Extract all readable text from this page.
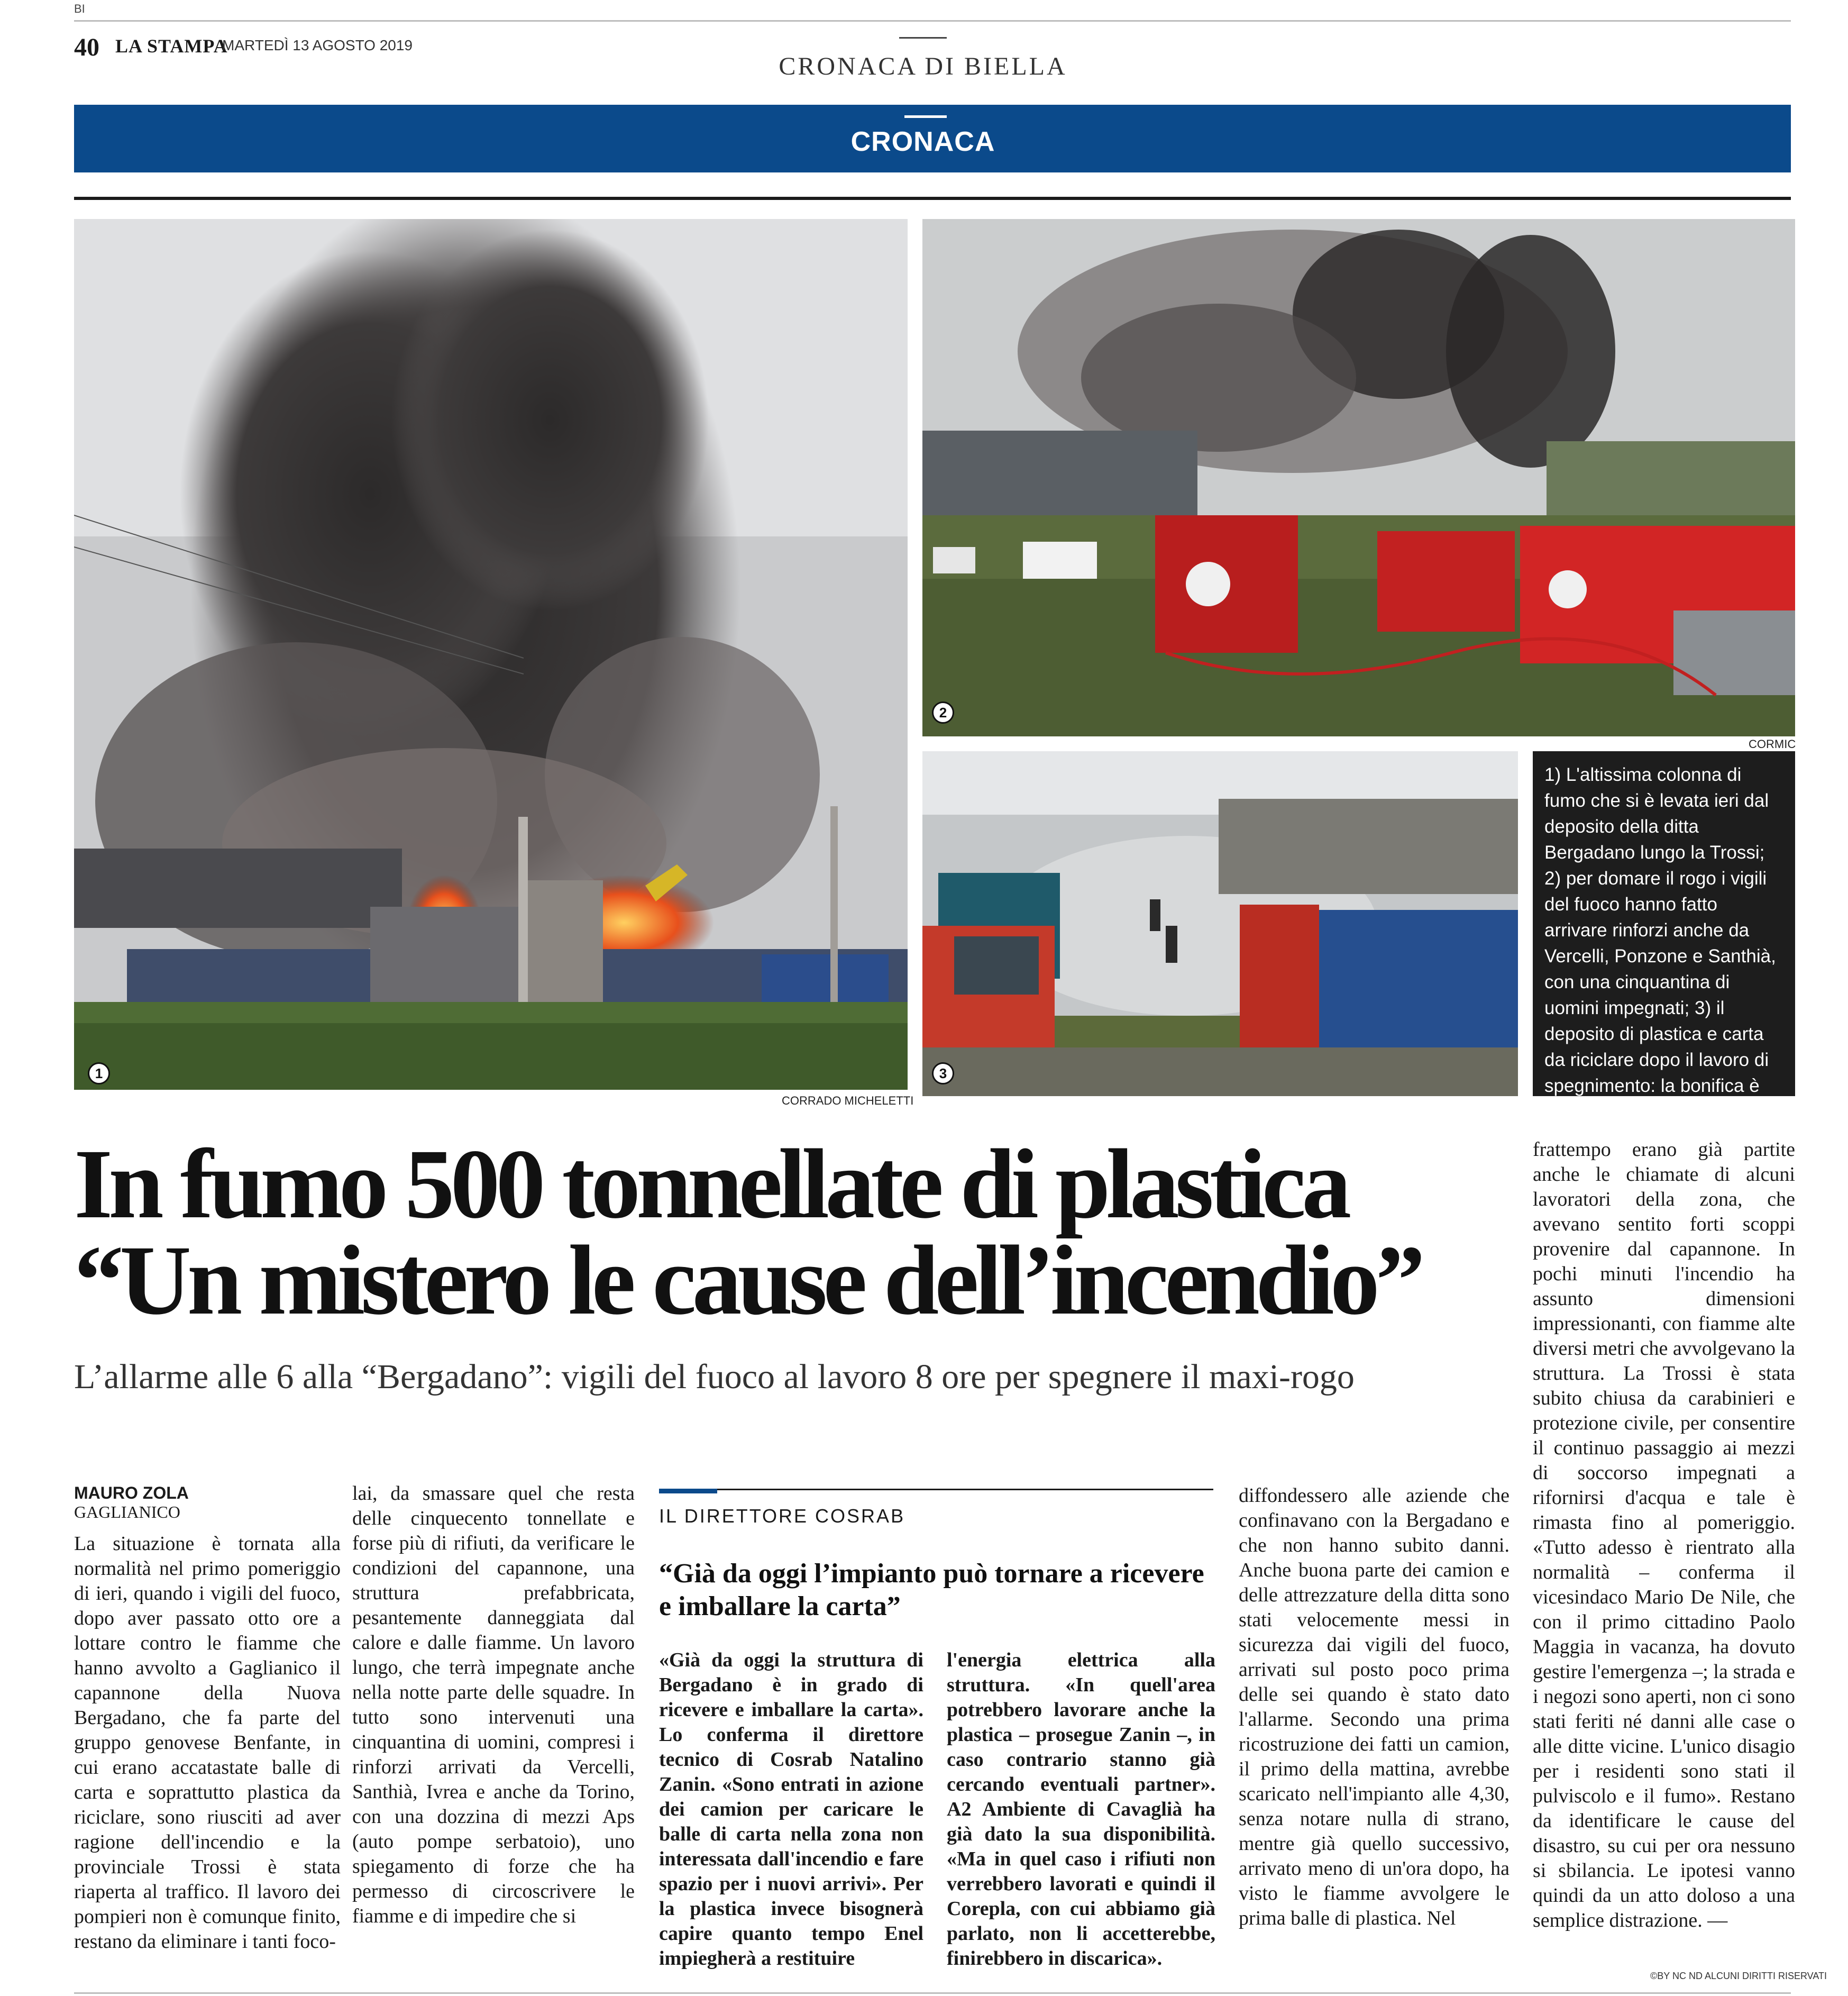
BI
40 LA STAMPA
MARTEDÌ 13 AGOSTO 2019
CRONACA DI BIELLA
CRONACA
1
CORRADO MICHELETTI
2
CORMIC
3
1) L'altissima colonna di fumo che si è levata ieri dal deposito della ditta Bergadano lungo la Trossi; 2) per domare il rogo i vigili del fuoco hanno fatto arrivare rinforzi anche da Vercelli, Ponzone e Santhià, con una cinquantina di uomini impegnati; 3) il deposito di plastica e carta da riciclare dopo il lavoro di spegnimento: la bonifica è proseguita per tutta la notte
In fumo 500 tonnellate di plastica
“Un mistero le cause dell’incendio”
L’allarme alle 6 alla “Bergadano”: vigili del fuoco al lavoro 8 ore per spegnere il maxi-rogo
MAURO ZOLA
GAGLIANICO
La situazione è tornata alla normalità nel primo pomeriggio di ieri, quando i vigili del fuoco, dopo aver passato otto ore a lottare contro le fiamme che hanno avvolto a Gaglianico il capannone della Nuova Bergadano, che fa parte del gruppo genovese Benfante, in cui erano accatastate balle di carta e soprattutto plastica da riciclare, sono riusciti ad aver ragione dell'incendio e la provinciale Trossi è stata riaperta al traffico. Il lavoro dei pompieri non è comunque finito, restano da eliminare i tanti foco-
lai, da smassare quel che resta delle cinquecento tonnellate e forse più di rifiuti, da verificare le condizioni del capannone, una struttura prefabbricata, pesantemente danneggiata dal calore e dalle fiamme. Un lavoro lungo, che terrà impegnate anche nella notte parte delle squadre. In tutto sono intervenuti una cinquantina di uomini, compresi i rinforzi arrivati da Vercelli, Santhià, Ivrea e anche da Torino, con una dozzina di mezzi Aps (auto pompe serbatoio), uno spiegamento di forze che ha permesso di circoscrivere le fiamme e di impedire che si
IL DIRETTORE COSRAB
“Già da oggi l’impianto può tornare a ricevere e imballare la carta”
«Già da oggi la struttura di Bergadano è in grado di ricevere e imballare la carta». Lo conferma il direttore tecnico di Cosrab Natalino Zanin. «Sono entrati in azione dei camion per caricare le balle di carta nella zona non interessata dall'incendio e fare spazio per i nuovi arrivi». Per la plastica invece bisognerà capire quanto tempo Enel impiegherà a restituire
l'energia elettrica alla struttura. «In quell'area potrebbero lavorare anche la plastica – prosegue Zanin –, in caso contrario stanno già cercando eventuali partner». A2 Ambiente di Cavaglià ha già dato la sua disponibilità. «Ma in quel caso i rifiuti non verrebbero lavorati e quindi il Corepla, con cui abbiamo già parlato, non li accetterebbe, finirebbero in discarica».
diffondessero alle aziende che confinavano con la Bergadano e che non hanno subito danni. Anche buona parte dei camion e delle attrezzature della ditta sono stati velocemente messi in sicurezza dai vigili del fuoco, arrivati sul posto poco prima delle sei quando è stato dato l'allarme. Secondo una prima ricostruzione dei fatti un camion, il primo della mattina, avrebbe scaricato nell'impianto alle 4,30, senza notare nulla di strano, mentre già quello successivo, arrivato meno di un'ora dopo, ha visto le fiamme avvolgere le prima balle di plastica. Nel
frattempo erano già partite anche le chiamate di alcuni lavoratori della zona, che avevano sentito forti scoppi provenire dal capannone. In pochi minuti l'incendio ha assunto dimensioni impressionanti, con fiamme alte diversi metri che avvolgevano la struttura. La Trossi è stata subito chiusa da carabinieri e protezione civile, per consentire il continuo passaggio ai mezzi di soccorso impegnati a rifornirsi d'acqua e tale è rimasta fino al pomeriggio. «Tutto adesso è rientrato alla normalità – conferma il vicesindaco Mario De Nile, che con il primo cittadino Paolo Maggia in vacanza, ha dovuto gestire l'emergenza –; la strada e i negozi sono aperti, non ci sono stati feriti né danni alle case o alle ditte vicine. L'unico disagio per i residenti sono stati il pulviscolo e il fumo». Restano da identificare le cause del disastro, su cui per ora nessuno si sbilancia. Le ipotesi vanno quindi da un atto doloso a una semplice distrazione. —
©BY NC ND ALCUNI DIRITTI RISERVATI
